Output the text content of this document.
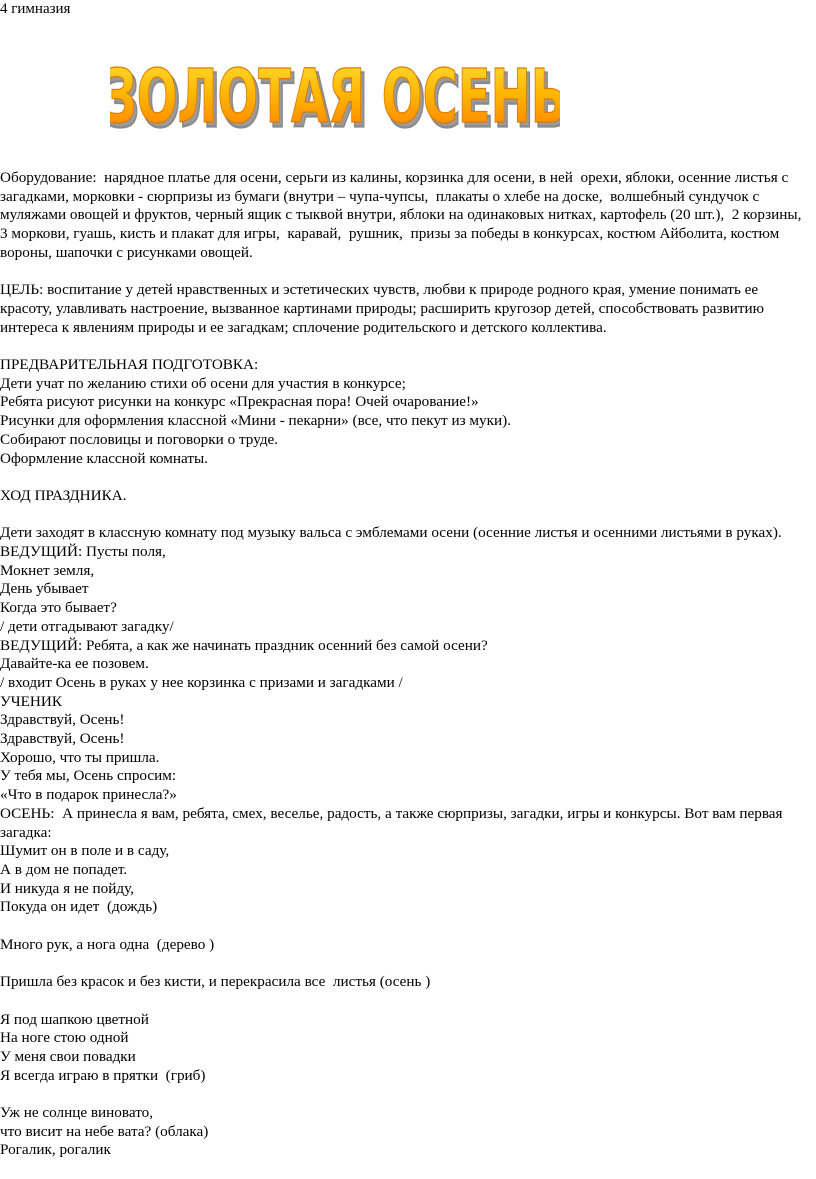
4 гимназия
ОЛОТАЯ ОСЕН
ОЛОТАЯ ОСЕН
Оборудование:  нарядное платье для осени, серьги из калины, корзинка для осени, в ней  орехи, яблоки, осенние листья с загадками, морковки - сюрпризы из бумаги (внутри – чупа-чупсы,  плакаты о хлебе на доске,  волшебный сундучок с муляжами овощей и фруктов, черный ящик с тыквой внутри, яблоки на одинаковых нитках, картофель (20 шт.),  2 корзины,  3 моркови, гуашь, кисть и плакат для игры,  каравай,  рушник,  призы за победы в конкурсах, костюм Айболита, костюм вороны, шапочки с рисунками овощей.
ЦЕЛЬ: воспитание у детей нравственных и эстетических чувств, любви к природе родного края, умение понимать ее красоту, улавливать настроение, вызванное картинами природы; расширить кругозор детей, способствовать развитию интереса к явлениям природы и ее загадкам; сплочение родительского и детского коллектива.
ПРЕДВАРИТЕЛЬНАЯ ПОДГОТОВКА:
Дети учат по желанию стихи об осени для участия в конкурсе;
Ребята рисуют рисунки на конкурс «Прекрасная пора! Очей очарование!»
Рисунки для оформления классной «Мини - пекарни» (все, что пекут из муки).
Собирают пословицы и поговорки о труде.
Оформление классной комнаты.
ХОД ПРАЗДНИКА.
Дети заходят в классную комнату под музыку вальса с эмблемами осени (осенние листья и осенними листьями в руках).
ВЕДУЩИЙ: Пусты поля,
Мокнет земля,
День убывает
Когда это бывает?
/ дети отгадывают загадку/
ВЕДУЩИЙ: Ребята, а как же начинать праздник осенний без самой осени?
Давайте-ка ее позовем.
/ входит Осень в руках у нее корзинка с призами и загадками /
УЧЕНИК
Здравствуй, Осень!
Здравствуй, Осень!
Хорошо, что ты пришла.
У тебя мы, Осень спросим:
«Что в подарок принесла?»
ОСЕНЬ:  А принесла я вам, ребята, смех, веселье, радость, а также сюрпризы, загадки, игры и конкурсы. Вот вам первая загадка:
Шумит он в поле и в саду,
А в дом не попадет.
И никуда я не пойду,
Покуда он идет  (дождь)
Много рук, а нога одна  (дерево )
Пришла без красок и без кисти, и перекрасила все  листья (осень )
Я под шапкою цветной
На ноге стою одной
У меня свои повадки
Я всегда играю в прятки  (гриб)
Уж не солнце виновато,
что висит на небе вата? (облака)
Рогалик, рогалик
